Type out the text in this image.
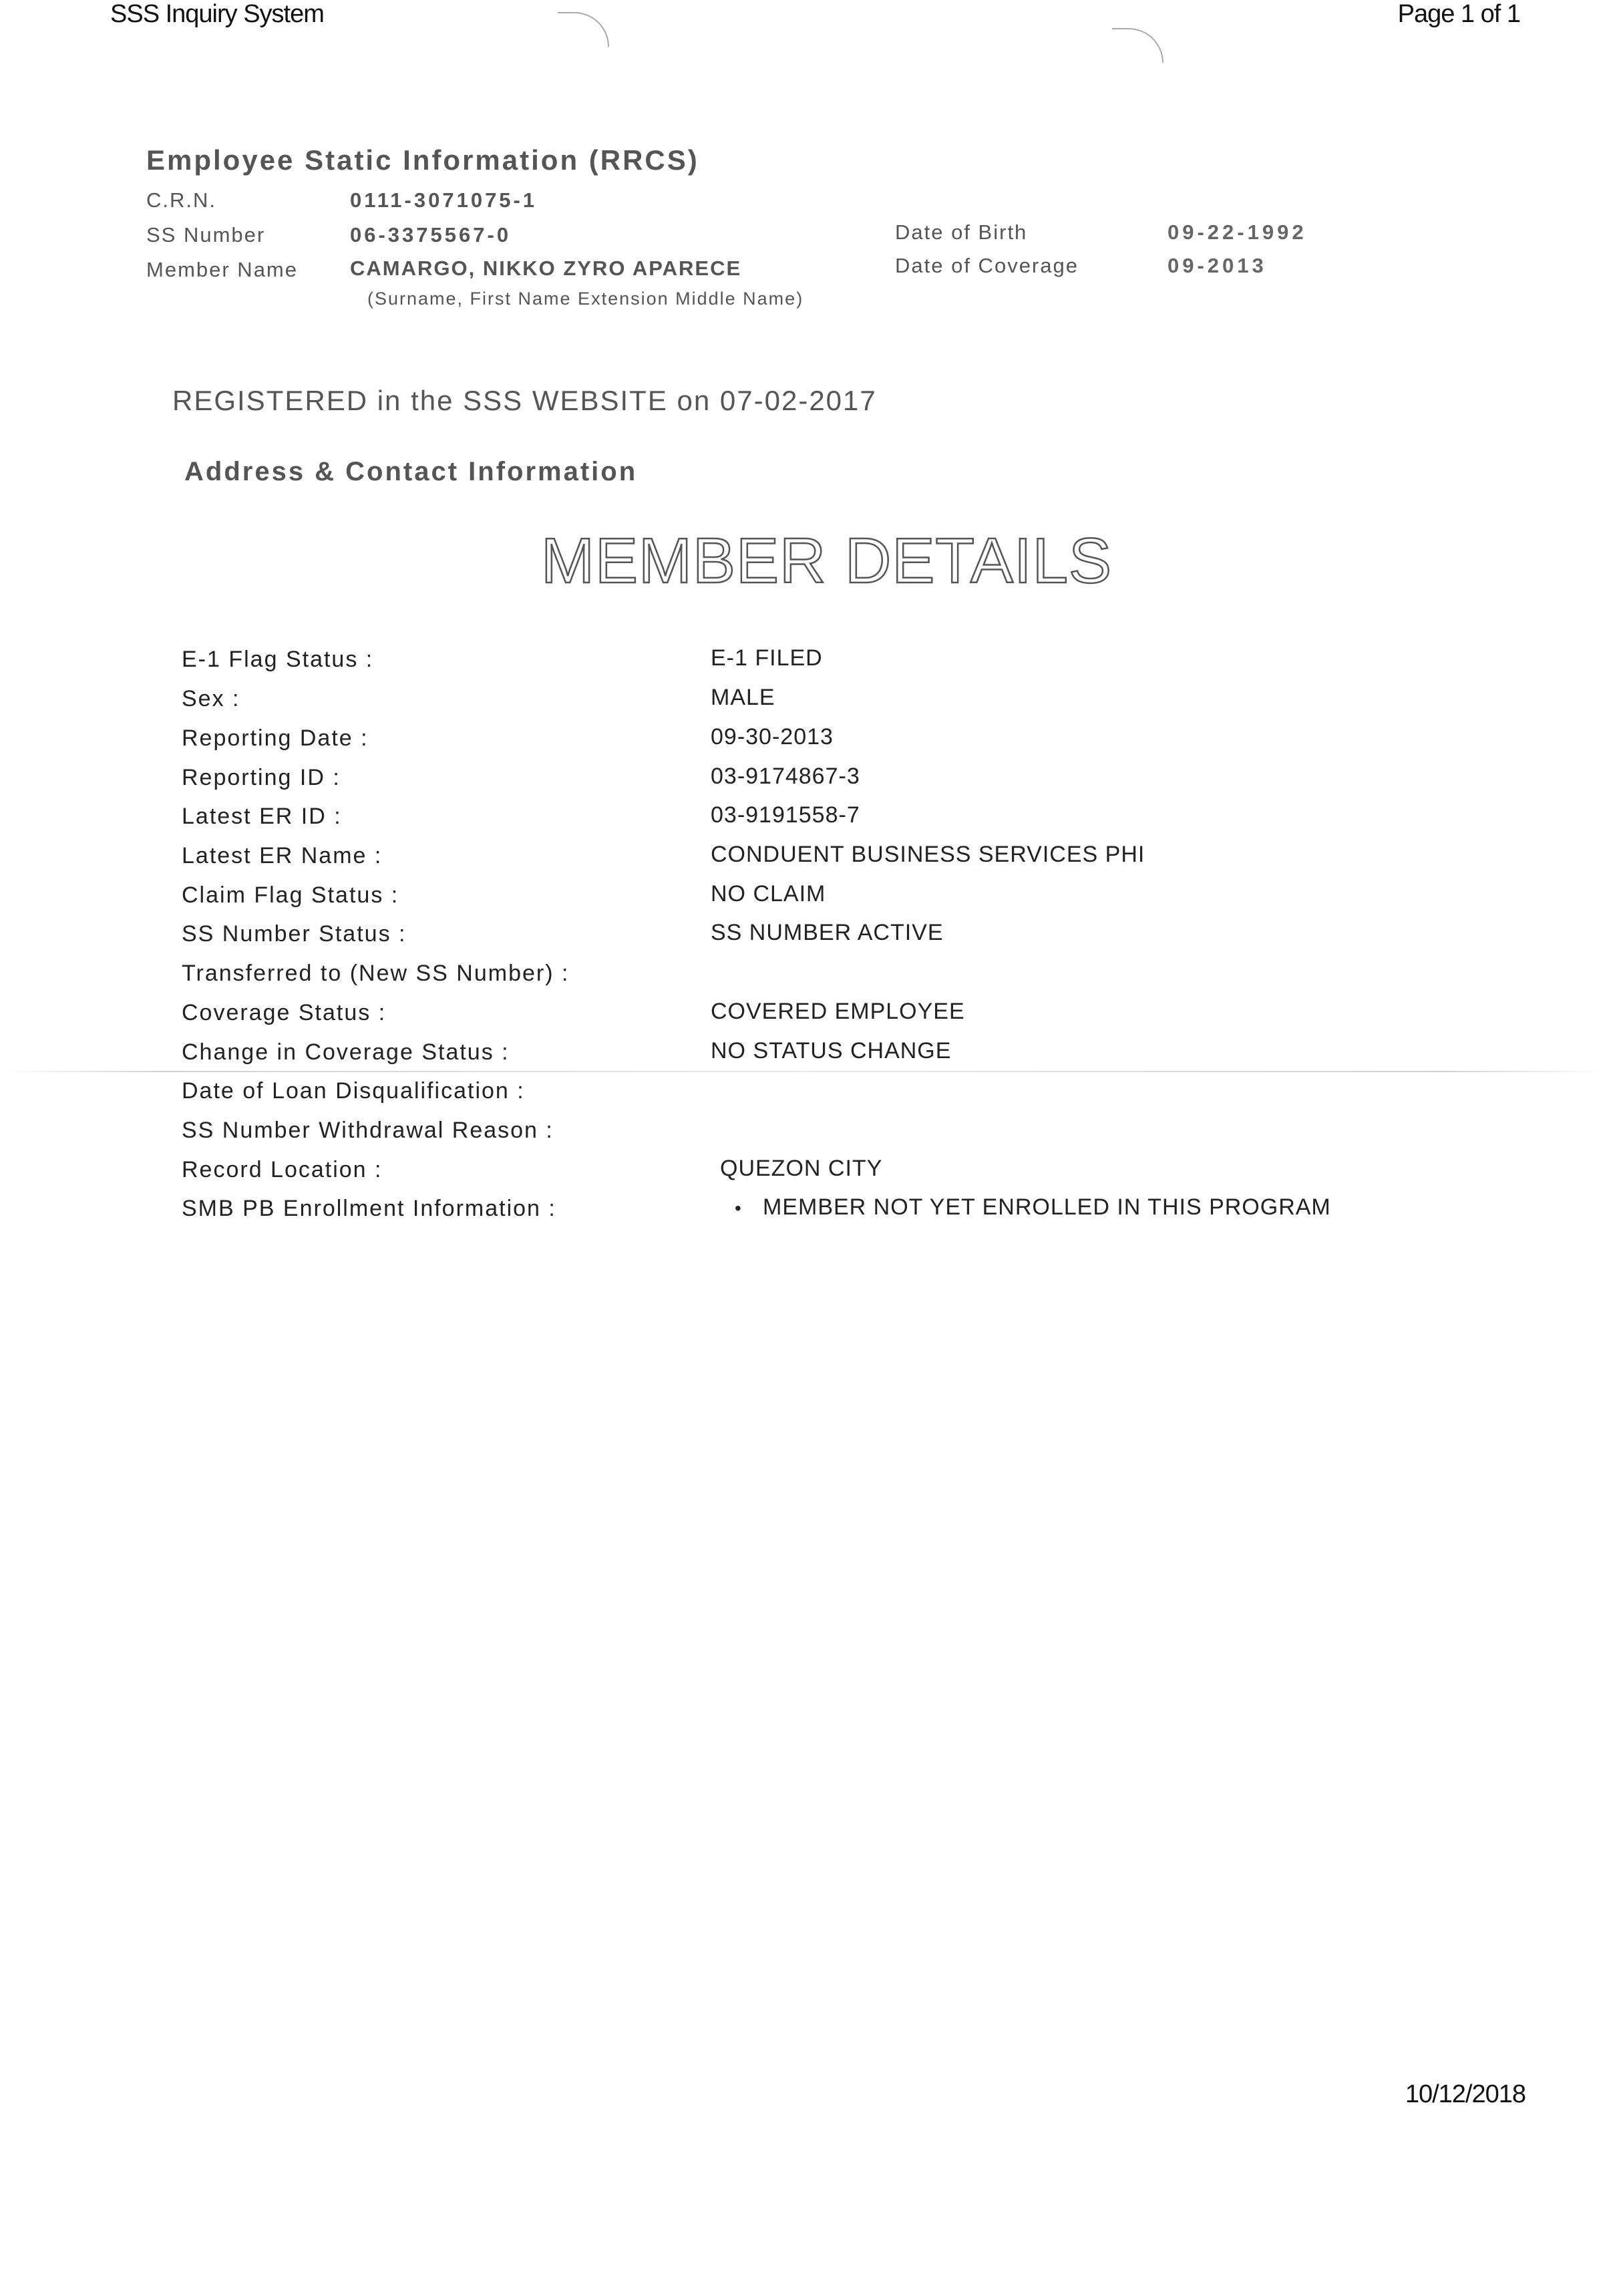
SSS Inquiry System	Page 1 of 1
Employee Static Information (RRCS)
C.R.N.	0111-3071075-1
SS Number	06-3375567-0	Date of Birth	09-22-1992
Member Name	CAMARGO, NIKKO ZYRO APARECE	Date of Coverage	09-2013
(Surname, First Name Extension Middle Name)
REGISTERED in the SSS WEBSITE on 07-02-2017
Address & Contact Information
MEMBER DETAILS
E-1 Flag Status :	E-1 FILED
Sex :	MALE
Reporting Date :	09-30-2013
Reporting ID :	03-9174867-3
Latest ER ID :	03-9191558-7
Latest ER Name :	CONDUENT BUSINESS SERVICES PHI
Claim Flag Status :	NO CLAIM
SS Number Status :	SS NUMBER ACTIVE
Transferred to (New SS Number) :
Coverage Status :	COVERED EMPLOYEE
Change in Coverage Status :	NO STATUS CHANGE
Date of Loan Disqualification :
SS Number Withdrawal Reason :
Record Location :	QUEZON CITY
SMB PB Enrollment Information :	• MEMBER NOT YET ENROLLED IN THIS PROGRAM
10/12/2018
